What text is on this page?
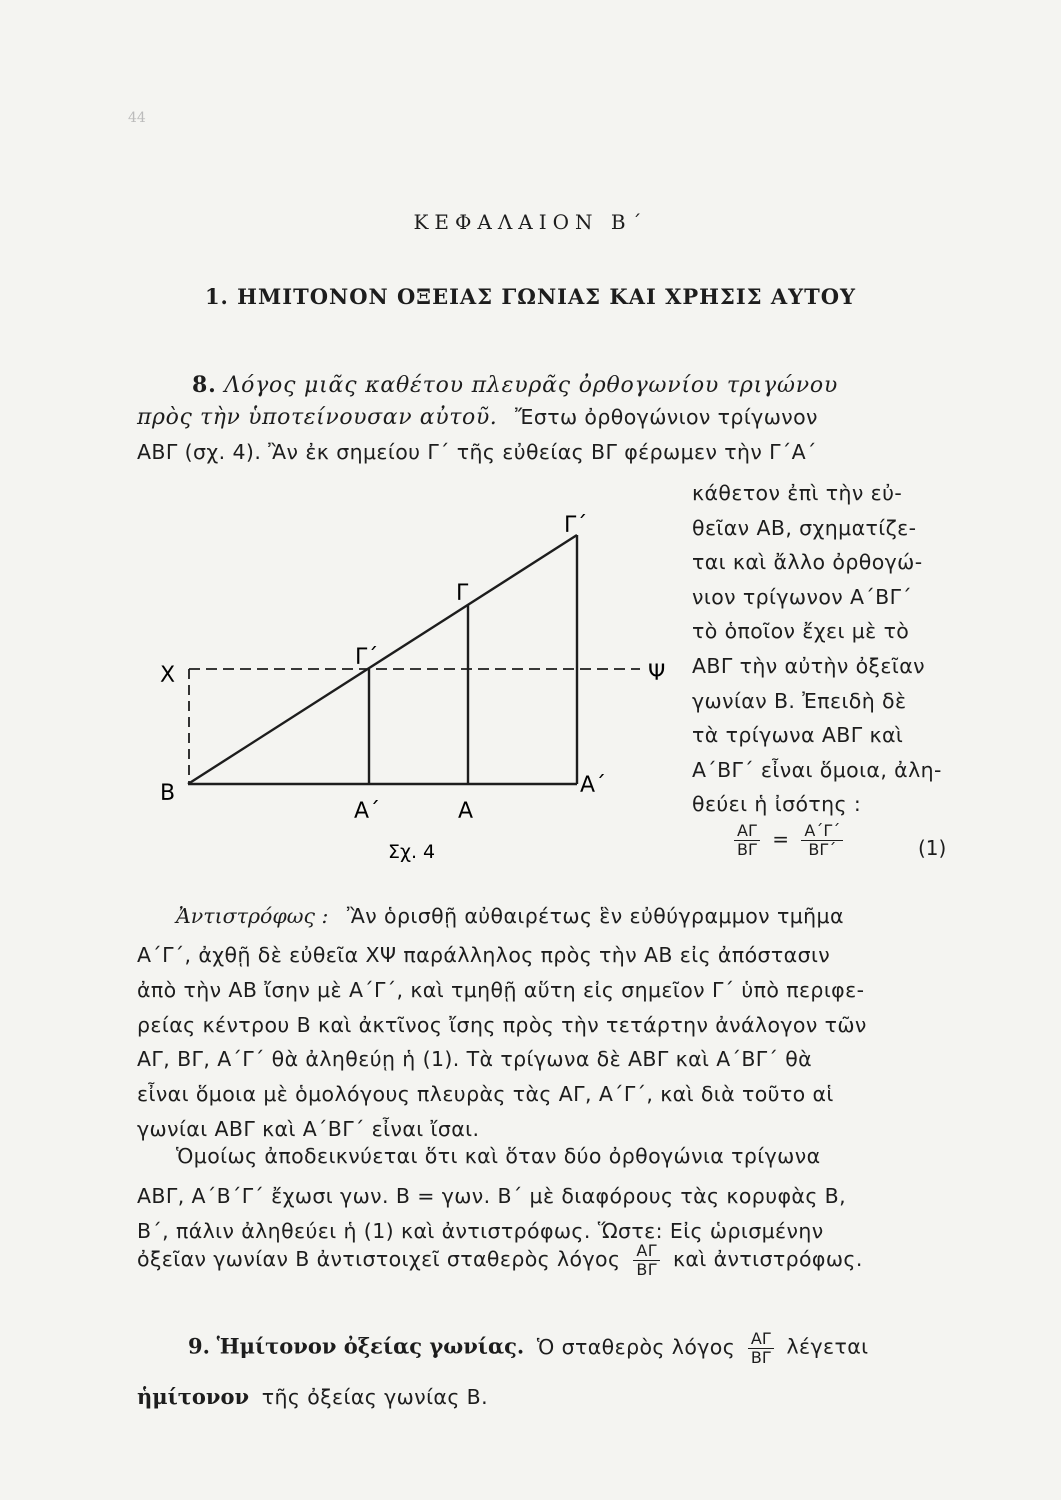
44
ΚΕΦΑΛΑΙΟΝ Β΄
1. ΗΜΙΤΟΝΟΝ ΟΞΕΙΑΣ ΓΩΝΙΑΣ ΚΑΙ ΧΡΗΣΙΣ ΑΥΤΟΥ
8. Λόγος μιᾶς καθέτου πλευρᾶς ὀρθογωνίου τριγώνου
πρὸς τὴν ὑποτείνουσαν αὐτοῦ. Ἔστω ὀρθογώνιον τρίγωνον
ΑΒΓ (σχ. 4). Ἂν ἐκ σημείου Γ΄ τῆς εὐθείας ΒΓ φέρωμεν τὴν Γ΄Α΄
κάθετον ἐπὶ τὴν εὐ-
θεῖαν ΑΒ, σχηματίζε-
ται καὶ ἄλλο ὀρθογώ-
νιον τρίγωνον Α΄ΒΓ΄
τὸ ὁποῖον ἔχει μὲ τὸ
ΑΒΓ τὴν αὐτὴν ὀξεῖαν
γωνίαν Β. Ἐπειδὴ δὲ
τὰ τρίγωνα ΑΒΓ καὶ
Α΄ΒΓ΄ εἶναι ὅμοια, ἀλη-
θεύει ἡ ἰσότης :
Β
Α΄	Α
Α΄
Γ΄
Γ
Γ΄
Χ	Ψ
Σχ. 4	$\frac{A\Gamma}{B\Gamma} = \frac{A΄\Gamma΄}{B\Gamma΄}$	(1)
Ἀντιστρόφως : Ἂν ὁρισθῇ αὐθαιρέτως ἓν εὐθύγραμμον τμῆμα
Α΄Γ΄, ἀχθῇ δὲ εὐθεῖα ΧΨ παράλληλος πρὸς τὴν ΑΒ εἰς ἀπόστασιν
ἀπὸ τὴν ΑΒ ἴσην μὲ Α΄Γ΄, καὶ τμηθῇ αὕτη εἰς σημεῖον Γ΄ ὑπὸ περιφε-
ρείας κέντρου Β καὶ ἀκτῖνος ἴσης πρὸς τὴν τετάρτην ἀνάλογον τῶν
ΑΓ, ΒΓ, Α΄Γ΄ θὰ ἀληθεύῃ ἡ (1). Τὰ τρίγωνα δὲ ΑΒΓ καὶ Α΄ΒΓ΄ θὰ
εἶναι ὅμοια μὲ ὁμολόγους πλευρὰς τὰς ΑΓ, Α΄Γ΄, καὶ διὰ τοῦτο αἱ
γωνίαι ΑΒΓ καὶ Α΄ΒΓ΄ εἶναι ἴσαι.
Ὁμοίως ἀποδεικνύεται ὅτι καὶ ὅταν δύο ὀρθογώνια τρίγωνα
ΑΒΓ, Α΄Β΄Γ΄ ἔχωσι γων. Β = γων. Β΄ μὲ διαφόρους τὰς κορυφὰς Β,
Β΄, πάλιν ἀληθεύει ἡ (1) καὶ ἀντιστρόφως. Ὥστε: Εἰς ὡρισμένην
ὀξεῖαν γωνίαν Β ἀντιστοιχεῖ σταθερὸς λόγος $\frac{A\Gamma}{B\Gamma}$ καὶ ἀντιστρόφως.
9. Ἡμίτονον ὀξείας γωνίας. Ὁ σταθερὸς λόγος $\frac{A\Gamma}{B\Gamma}$ λέγεται
ἡμίτονον τῆς ὀξείας γωνίας Β.
